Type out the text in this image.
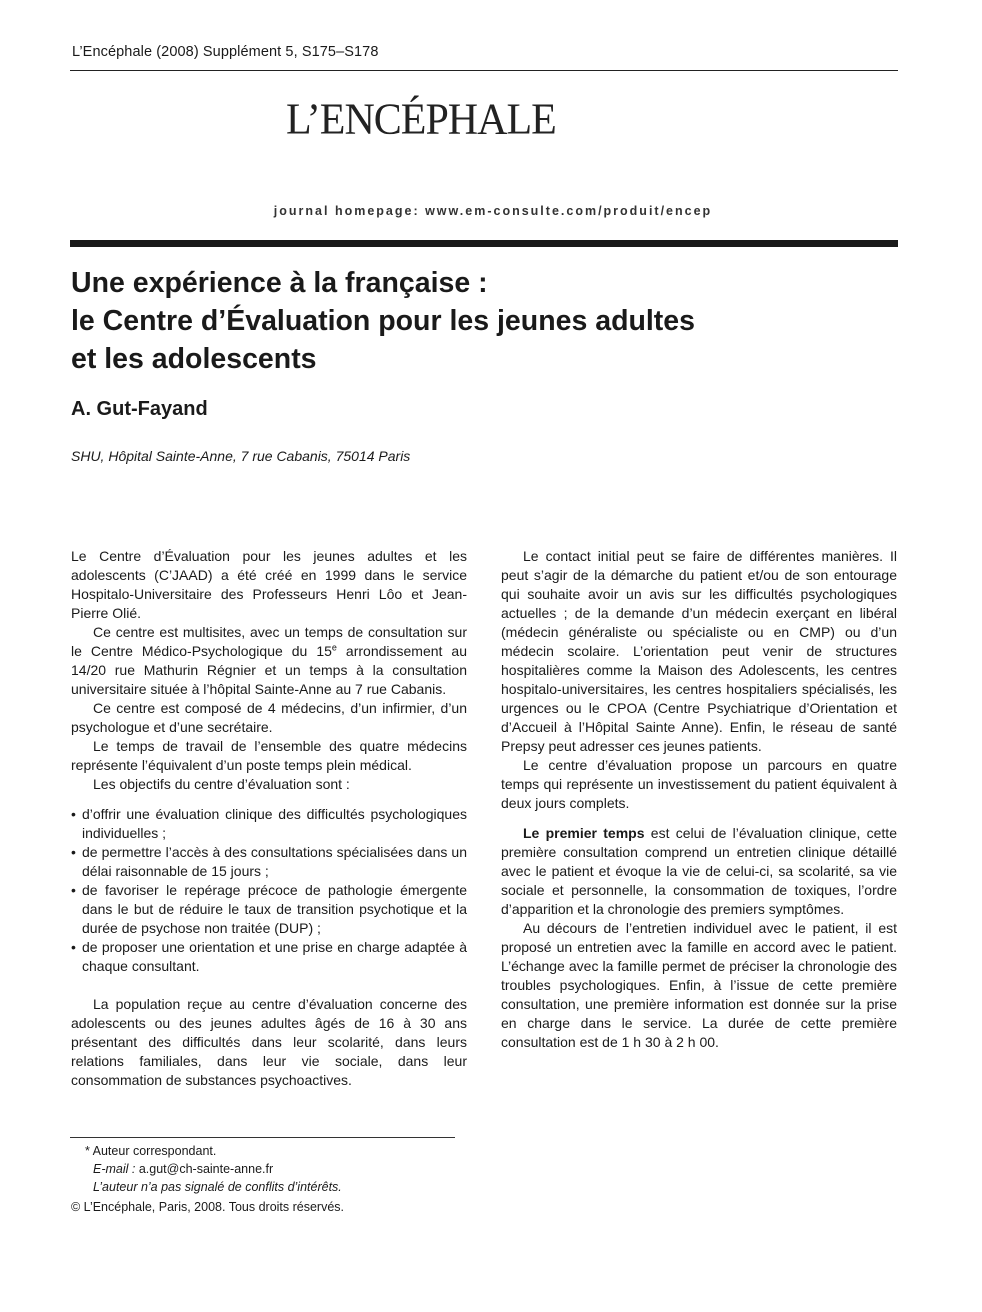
L’Encéphale (2008) Supplément 5, S175–S178
L’ENCÉPHALE
journal homepage: www.em-consulte.com/produit/encep
Une expérience à la française :
le Centre d’Évaluation pour les jeunes adultes
et les adolescents
A. Gut-Fayand
SHU, Hôpital Sainte-Anne, 7 rue Cabanis, 75014 Paris

Le Centre d’Évaluation pour les jeunes adultes et les adolescents (C’JAAD) a été créé en 1999 dans le service Hospitalo-Universitaire des Professeurs Henri Lôo et Jean-Pierre Olié.

Ce centre est multisites, avec un temps de consultation sur le Centre Médico-Psychologique du 15e arrondissement au 14/20 rue Mathurin Régnier et un temps à la consultation universitaire située à l’hôpital Sainte-Anne au 7 rue Cabanis.

Ce centre est composé de 4 médecins, d’un infirmier, d’un psychologue et d’une secrétaire.

Le temps de travail de l’ensemble des quatre médecins représente l’équivalent d’un poste temps plein médical.

Les objectifs du centre d’évaluation sont :

• d’offrir une évaluation clinique des difficultés psychologiques individuelles ;
• de permettre l’accès à des consultations spécialisées dans un délai raisonnable de 15 jours ;
• de favoriser le repérage précoce de pathologie émergente dans le but de réduire le taux de transition psychotique et la durée de psychose non traitée (DUP) ;
• de proposer une orientation et une prise en charge adaptée à chaque consultant.

La population reçue au centre d’évaluation concerne des adolescents ou des jeunes adultes âgés de 16 à 30 ans présentant des difficultés dans leur scolarité, dans leurs relations familiales, dans leur vie sociale, dans leur consommation de substances psychoactives.

Le contact initial peut se faire de différentes manières. Il peut s’agir de la démarche du patient et/ou de son entourage qui souhaite avoir un avis sur les difficultés psychologiques actuelles ; de la demande d’un médecin exerçant en libéral (médecin généraliste ou spécialiste ou en CMP) ou d’un médecin scolaire. L’orientation peut venir de structures hospitalières comme la Maison des Adolescents, les centres hospitalo-universitaires, les centres hospitaliers spécialisés, les urgences ou le CPOA (Centre Psychiatrique d’Orientation et d’Accueil à l’Hôpital Sainte Anne). Enfin, le réseau de santé Prepsy peut adresser ces jeunes patients.

Le centre d’évaluation propose un parcours en quatre temps qui représente un investissement du patient équivalent à deux jours complets.

Le premier temps est celui de l’évaluation clinique, cette première consultation comprend un entretien clinique détaillé avec le patient et évoque la vie de celui-ci, sa scolarité, sa vie sociale et personnelle, la consommation de toxiques, l’ordre d’apparition et la chronologie des premiers symptômes.

Au décours de l’entretien individuel avec le patient, il est proposé un entretien avec la famille en accord avec le patient. L’échange avec la famille permet de préciser la chronologie des troubles psychologiques. Enfin, à l’issue de cette première consultation, une première information est donnée sur la prise en charge dans le service. La durée de cette première consultation est de 1 h 30 à 2 h 00.

* Auteur correspondant.
E-mail : a.gut@ch-sainte-anne.fr
L’auteur n’a pas signalé de conflits d’intérêts.
© L’Encéphale, Paris, 2008. Tous droits réservés.
